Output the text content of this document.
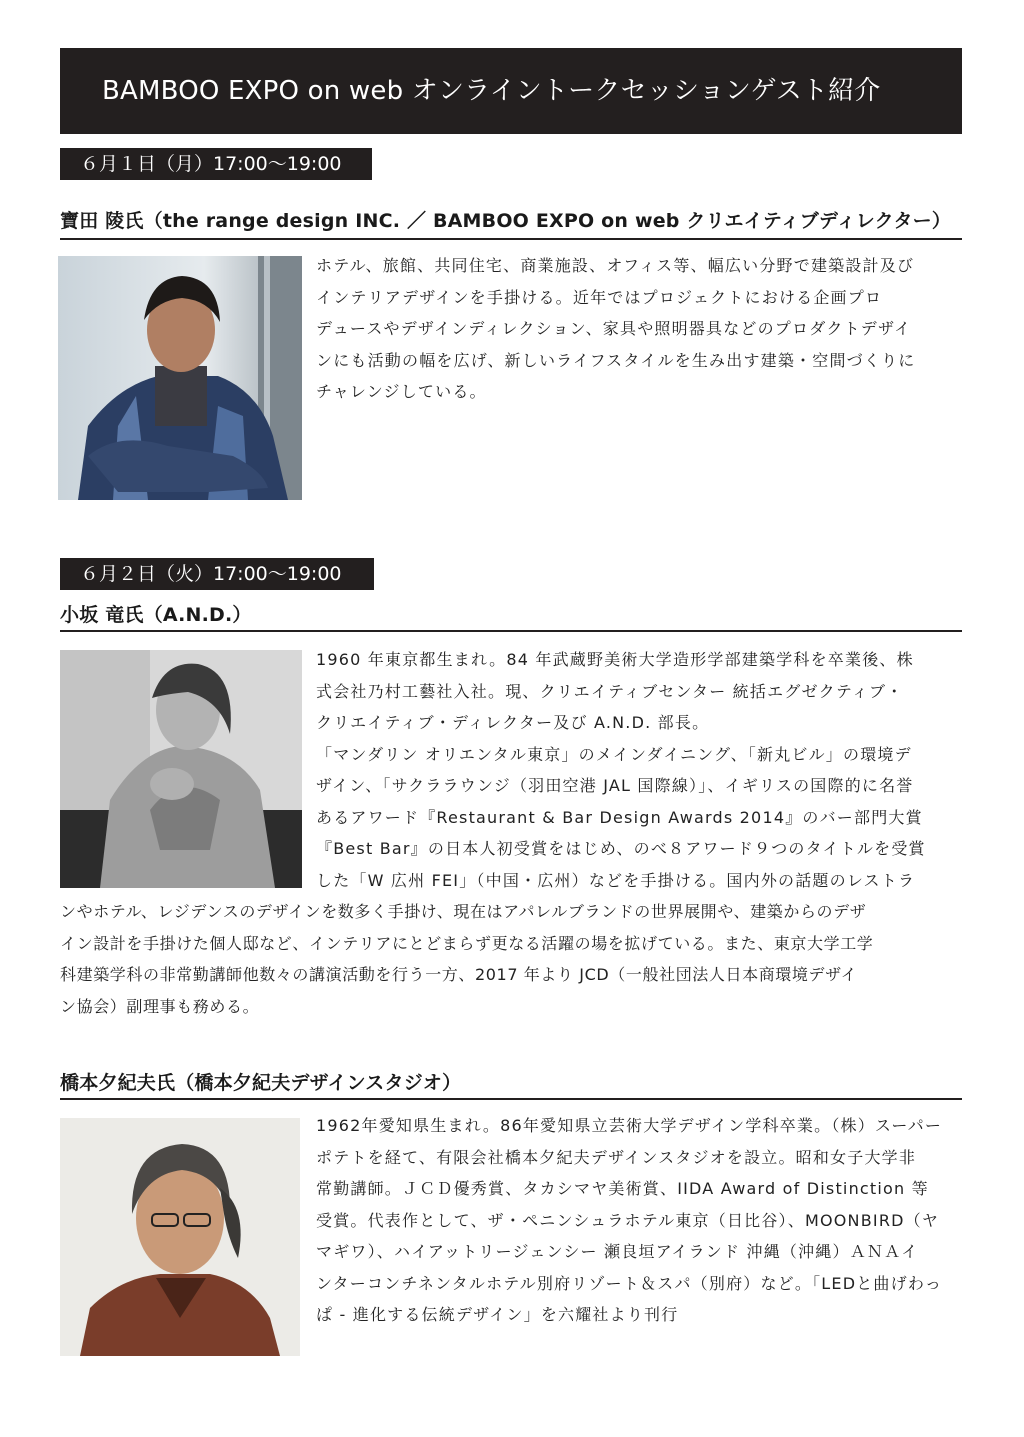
BAMBOO EXPO on web オンライントークセッションゲスト紹介
６月１日（月）17:00〜19:00
寶田 陵氏（the range design INC. ／ BAMBOO EXPO on web クリエイティブディレクター）
ホテル、旅館、共同住宅、商業施設、オフィス等、幅広い分野で建築設計及び
インテリアデザインを手掛ける。近年ではプロジェクトにおける企画プロ
デュースやデザインディレクション、家具や照明器具などのプロダクトデザイ
ンにも活動の幅を広げ、新しいライフスタイルを生み出す建築・空間づくりに
チャレンジしている。
６月２日（火）17:00〜19:00
小坂 竜氏（A.N.D.）
1960 年東京都生まれ。84 年武蔵野美術大学造形学部建築学科を卒業後、株
式会社乃村工藝社入社。現、クリエイティブセンター 統括エグゼクティブ・
クリエイティブ・ディレクター及び A.N.D. 部長。
「マンダリン オリエンタル東京」のメインダイニング、「新丸ビル」の環境デ
ザイン、「サクララウンジ（羽田空港 JAL 国際線）」、イギリスの国際的に名誉
あるアワード『Restaurant & Bar Design Awards 2014』のバー部門大賞
『Best Bar』の日本人初受賞をはじめ、のべ８アワード９つのタイトルを受賞
した「W 広州 FEI」（中国・広州）などを手掛ける。国内外の話題のレストラ
ンやホテル、レジデンスのデザインを数多く手掛け、現在はアパレルブランドの世界展開や、建築からのデザ
イン設計を手掛けた個人邸など、インテリアにとどまらず更なる活躍の場を拡げている。また、東京大学工学
科建築学科の非常勤講師他数々の講演活動を行う一方、2017 年より JCD（一般社団法人日本商環境デザイ
ン協会）副理事も務める。
橋本夕紀夫氏（橋本夕紀夫デザインスタジオ）
1962年愛知県生まれ。86年愛知県立芸術大学デザイン学科卒業。（株）スーパー
ポテトを経て、有限会社橋本夕紀夫デザインスタジオを設立。昭和女子大学非
常勤講師。ＪＣＤ優秀賞、タカシマヤ美術賞、IIDA Award of Distinction 等
受賞。代表作として、ザ・ペニンシュラホテル東京（日比谷）、MOONBIRD（ヤ
マギワ）、ハイアットリージェンシー 瀬良垣アイランド 沖縄（沖縄）ＡＮＡイ
ンターコンチネンタルホテル別府リゾート＆スパ（別府）など。「LEDと曲げわっ
ぱ - 進化する伝統デザイン」を六耀社より刊行
